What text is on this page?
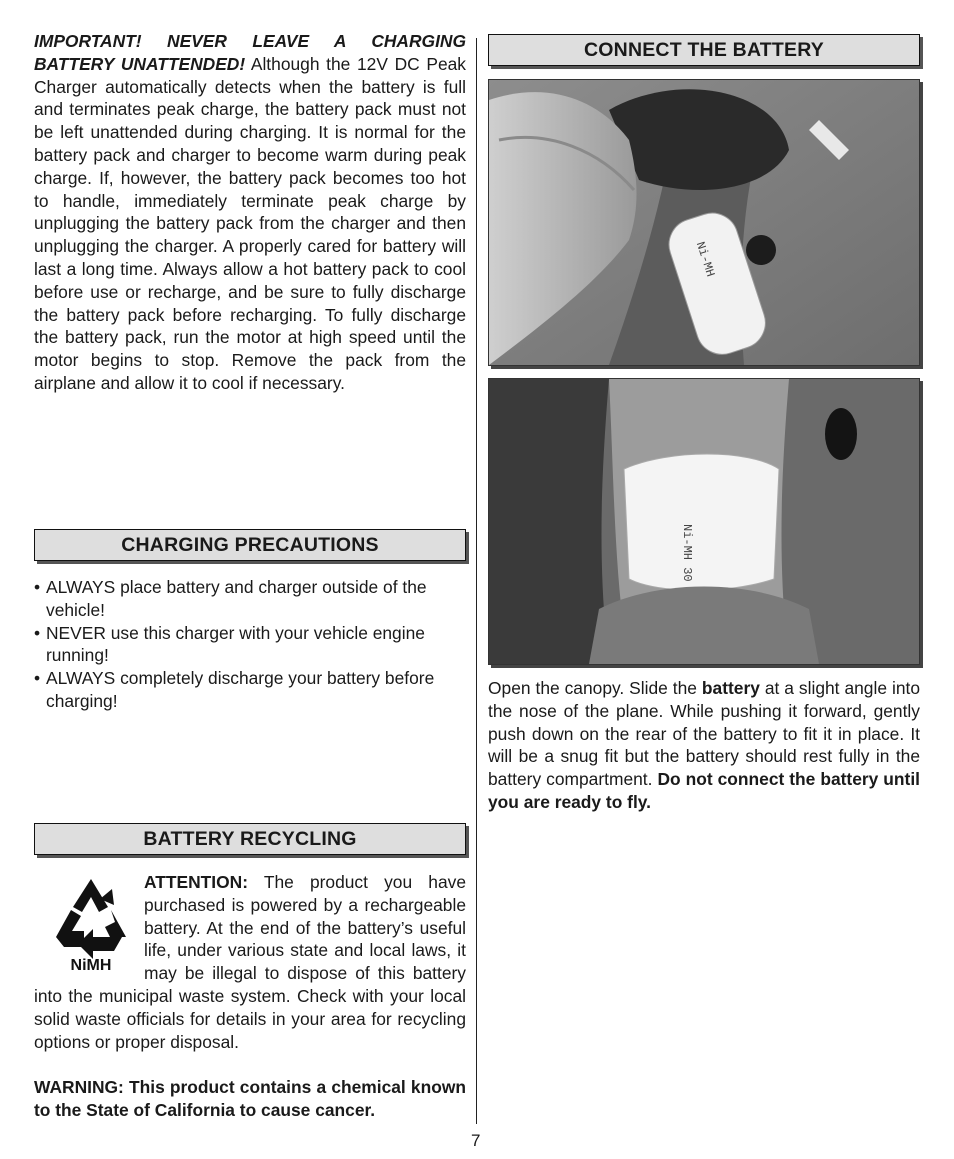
IMPORTANT! NEVER LEAVE A CHARGING BATTERY UNATTENDED! Although the 12V DC Peak Charger automatically detects when the battery is full and terminates peak charge, the battery pack must not be left unattended during charging. It is normal for the battery pack and charger to become warm during peak charge. If, however, the battery pack becomes too hot to handle, immediately terminate peak charge by unplugging the battery pack from the charger and then unplugging the charger. A properly cared for battery will last a long time. Always allow a hot battery pack to cool before use or recharge, and be sure to fully discharge the battery pack before recharging. To fully discharge the battery pack, run the motor at high speed until the motor begins to stop. Remove the pack from the airplane and allow it to cool if necessary.

CHARGING PRECAUTIONS
• ALWAYS place battery and charger outside of the vehicle!
• NEVER use this charger with your vehicle engine running!
• ALWAYS completely discharge your battery before charging!
BATTERY RECYCLING
NiMH

ATTENTION: The product you have purchased is powered by a rechargeable battery. At the end of the battery’s useful life, under various state and local laws, it may be illegal to dispose of this battery into the municipal waste system. Check with your local solid waste officials for details in your area for recycling options or proper disposal.

WARNING: This product contains a chemical known to the State of California to cause cancer.

CONNECT THE BATTERY
Ni-MH
Ni-MH 30

Open the canopy. Slide the battery at a slight angle into the nose of the plane. While pushing it forward, gently push down on the rear of the battery to fit it in place. It will be a snug fit but the battery should rest fully in the battery compartment. Do not connect the battery until you are ready to fly.

7
